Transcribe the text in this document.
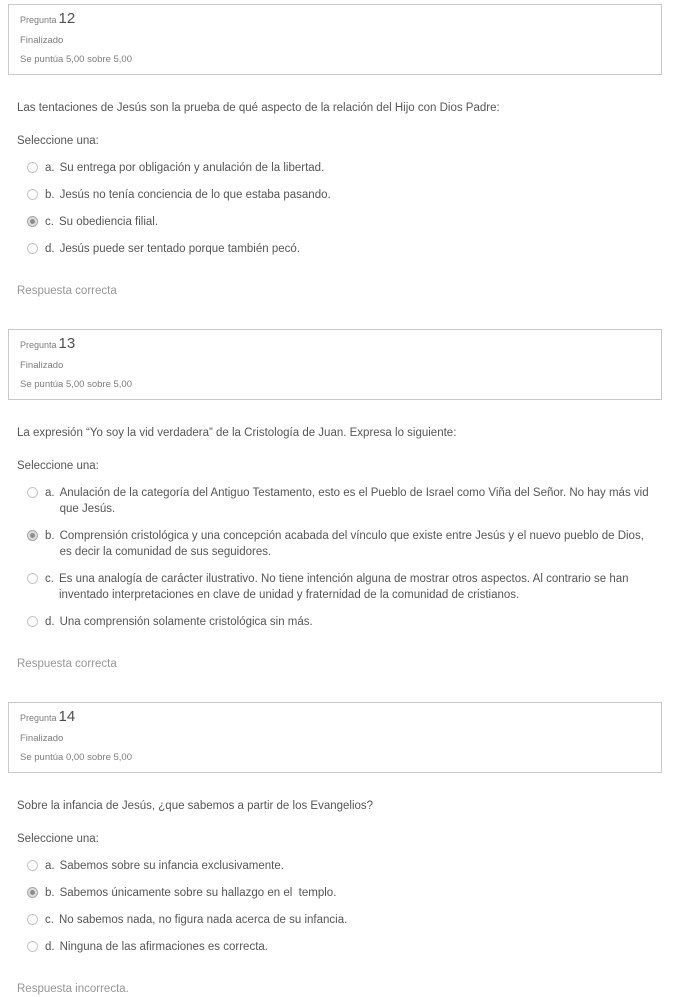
Pregunta 12
Finalizado
Se puntúa 5,00 sobre 5,00

Las tentaciones de Jesús son la prueba de qué aspecto de la relación del Hijo con Dios Padre:

Seleccione una:

a. Su entrega por obligación y anulación de la libertad.
b. Jesús no tenía conciencia de lo que estaba pasando.
c. Su obediencia filial.
d. Jesús puede ser tentado porque también pecó.

Respuesta correcta

Pregunta 13
Finalizado
Se puntúa 5,00 sobre 5,00

La expresión “Yo soy la vid verdadera” de la Cristología de Juan. Expresa lo siguiente:

Seleccione una:

a. Anulación de la categoría del Antiguo Testamento, esto es el Pueblo de Israel como Viña del Señor. No hay más vid que Jesús.
b. Comprensión cristológica y una concepción acabada del vínculo que existe entre Jesús y el nuevo pueblo de Dios, es decir la comunidad de sus seguidores.
c. Es una analogía de carácter ilustrativo. No tiene intención alguna de mostrar otros aspectos. Al contrario se han inventado interpretaciones en clave de unidad y fraternidad de la comunidad de cristianos.
d. Una comprensión solamente cristológica sin más.

Respuesta correcta

Pregunta 14
Finalizado
Se puntúa 0,00 sobre 5,00

Sobre la infancia de Jesús, ¿que sabemos a partir de los Evangelios?

Seleccione una:

a. Sabemos sobre su infancia exclusivamente.
b. Sabemos únicamente sobre su hallazgo en el  templo.
c. No sabemos nada, no figura nada acerca de su infancia.
d. Ninguna de las afirmaciones es correcta.

Respuesta incorrecta.
